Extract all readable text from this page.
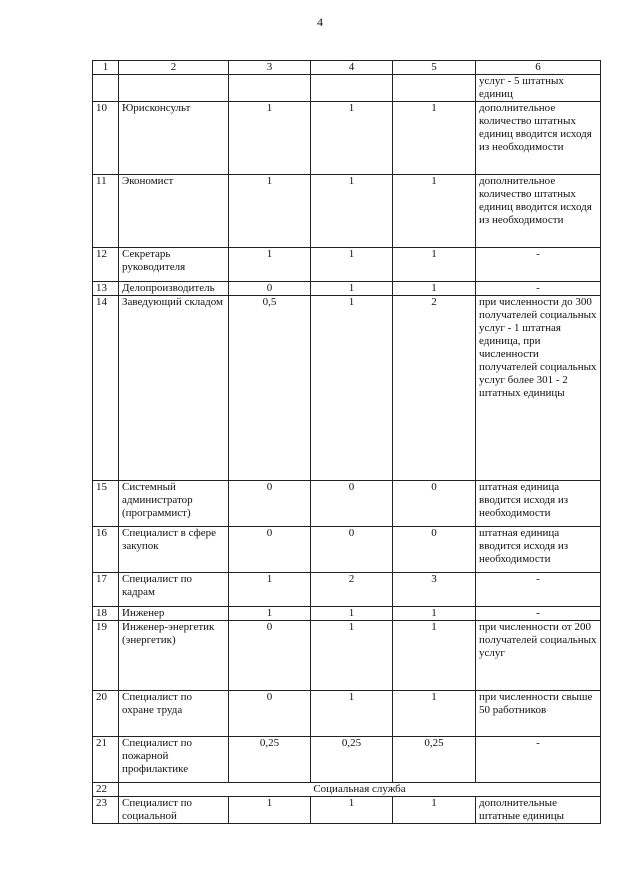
4
1	2	3	4	5	6
					услуг - 5 штатных единиц
10	Юрисконсульт	1	1	1	дополнительное количество штатных единиц вводится исходя из необходимости
11	Экономист	1	1	1	дополнительное количество штатных единиц вводится исходя из необходимости
12	Секретарь руководителя	1	1	1	-
13	Делопроизводитель	0	1	1	-
14	Заведующий складом	0,5	1	2	при численности до 300 получателей социальных услуг - 1 штатная единица, при численности получателей социальных услуг более 301 - 2 штатных единицы
15	Системный администратор (программист)	0	0	0	штатная единица вводится исходя из необходимости
16	Специалист в сфере закупок	0	0	0	штатная единица вводится исходя из необходимости
17	Специалист по кадрам	1	2	3	-
18	Инженер	1	1	1	-
19	Инженер-энергетик (энергетик)	0	1	1	при численности от 200 получателей социальных услуг
20	Специалист по охране труда	0	1	1	при численности свыше 50 работников
21	Специалист по пожарной профилактике	0,25	0,25	0,25	-
22	Социальная служба				
23	Специалист по социальной	1	1	1	дополнительные штатные единицы
